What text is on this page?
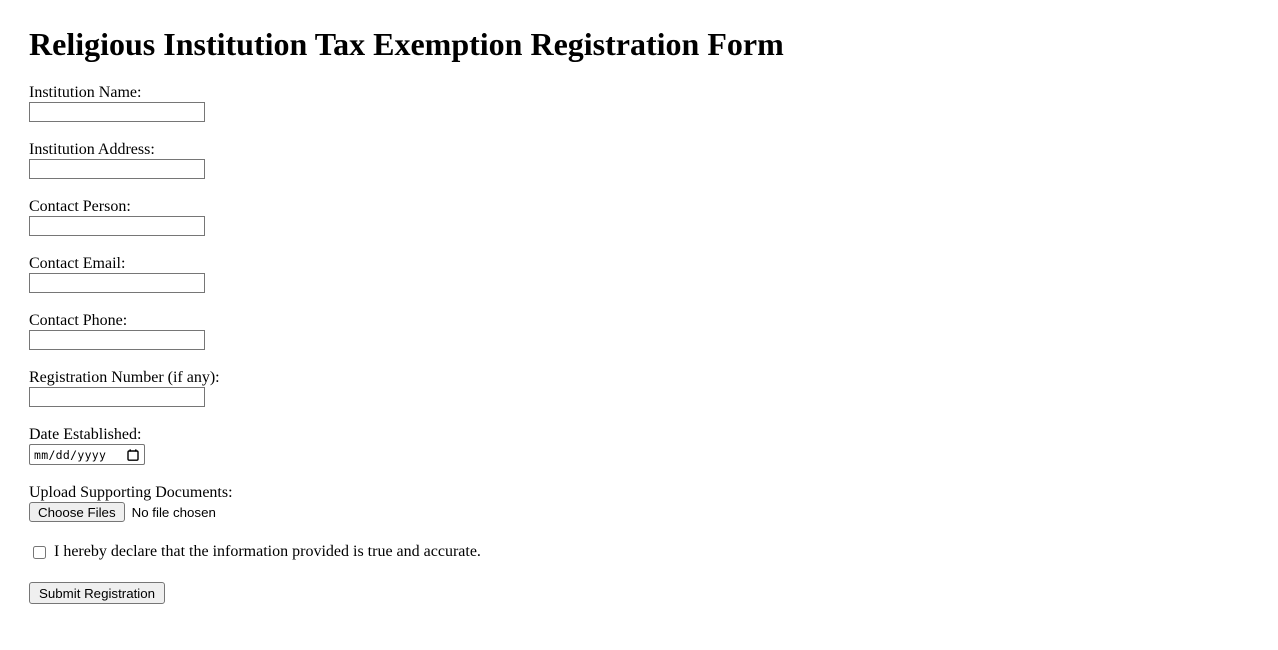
Religious Institution Tax Exemption Registration Form
Institution Name:
Institution Address:
Contact Person:
Contact Email:
Contact Phone:
Registration Number (if any):
Date Established:
mm/dd/yyyy
Upload Supporting Documents:
Choose Files	No file chosen
I hereby declare that the information provided is true and accurate.
Submit Registration
